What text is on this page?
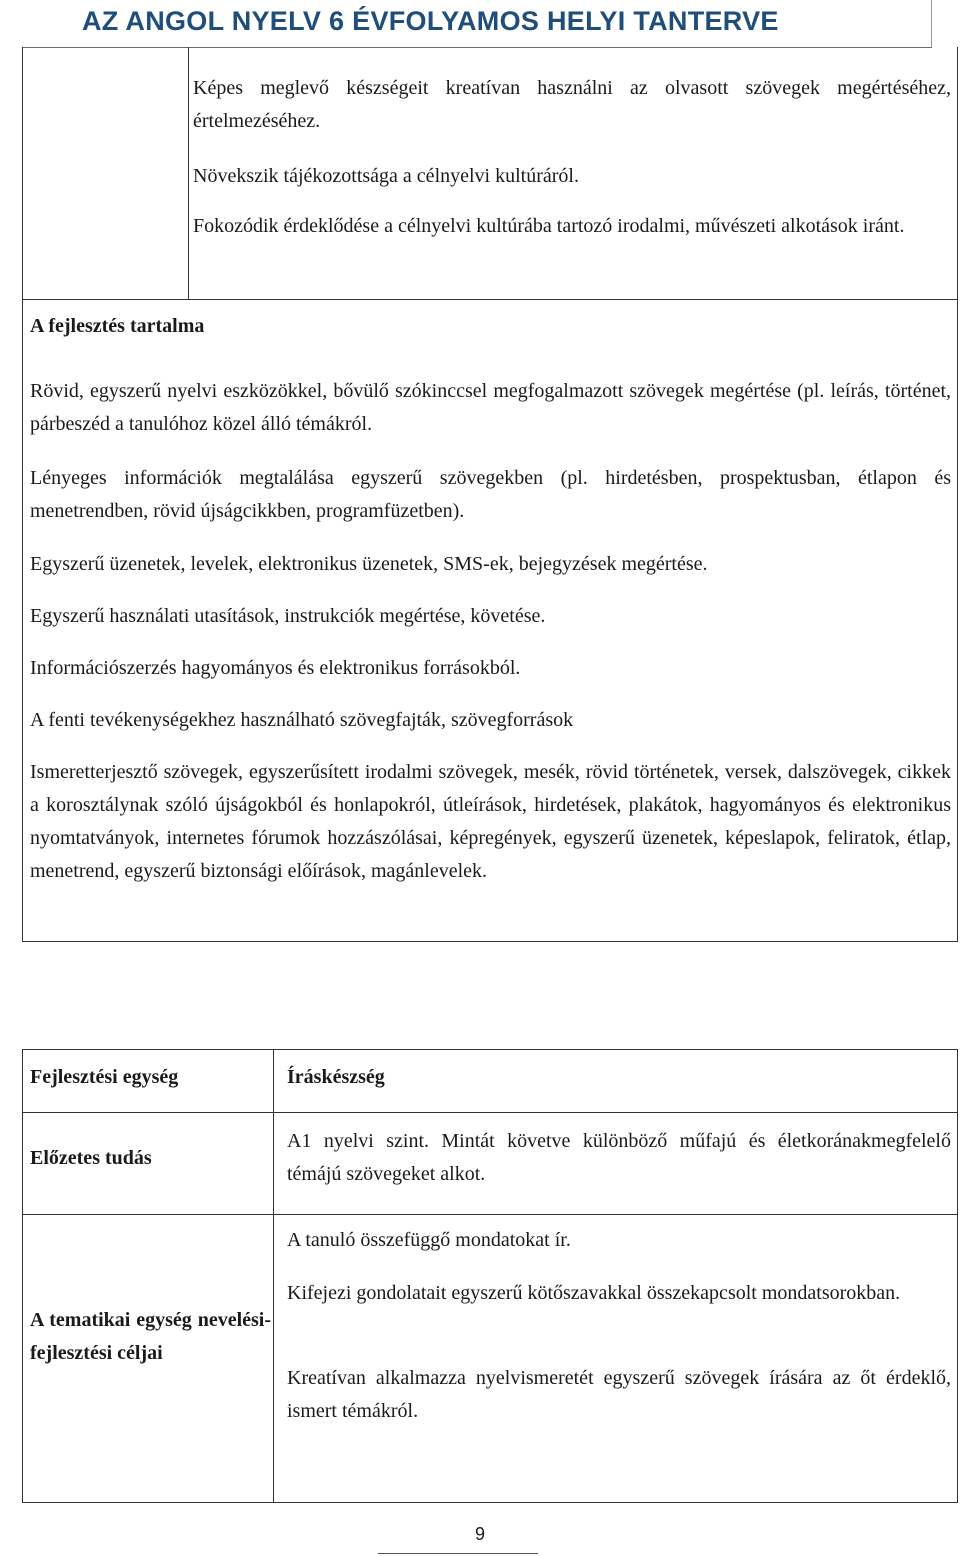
AZ ANGOL NYELV 6 ÉVFOLYAMOS HELYI TANTERVE
Képes meglevő készségeit kreatívan használni az olvasott szövegek megértéséhez, értelmezéséhez.
Növekszik tájékozottsága a célnyelvi kultúráról.
Fokozódik érdeklődése a célnyelvi kultúrába tartozó irodalmi, művészeti alkotások iránt.
A fejlesztés tartalma
Rövid, egyszerű nyelvi eszközökkel, bővülő szókinccsel megfogalmazott szövegek megértése (pl. leírás, történet, párbeszéd a tanulóhoz közel álló témákról.
Lényeges információk megtalálása egyszerű szövegekben (pl. hirdetésben, prospektusban, étlapon és menetrendben, rövid újságcikkben, programfüzetben).
Egyszerű üzenetek, levelek, elektronikus üzenetek, SMS-ek, bejegyzések megértése.
Egyszerű használati utasítások, instrukciók megértése, követése.
Információszerzés hagyományos és elektronikus forrásokból.
A fenti tevékenységekhez használható szövegfajták, szövegforrások
Ismeretterjesztő szövegek, egyszerűsített irodalmi szövegek, mesék, rövid történetek, versek, dalszövegek, cikkek a korosztálynak szóló újságokból és honlapokról, útleírások, hirdetések, plakátok, hagyományos és elektronikus nyomtatványok, internetes fórumok hozzászólásai, képregények, egyszerű üzenetek, képeslapok, feliratok, étlap, menetrend, egyszerű biztonsági előírások, magánlevelek.
Fejlesztési egység	Íráskészség
Előzetes tudás
A1 nyelvi szint. Mintát követve különböző műfajú és életkoránakmegfelelő témájú szövegeket alkot.
A tematikai egység nevelési-fejlesztési céljai
A tanuló összefüggő mondatokat ír.
Kifejezi gondolatait egyszerű kötőszavakkal összekapcsolt mondatsorokban.
Kreatívan alkalmazza nyelvismeretét egyszerű szövegek írására az őt érdeklő, ismert témákról.
9
